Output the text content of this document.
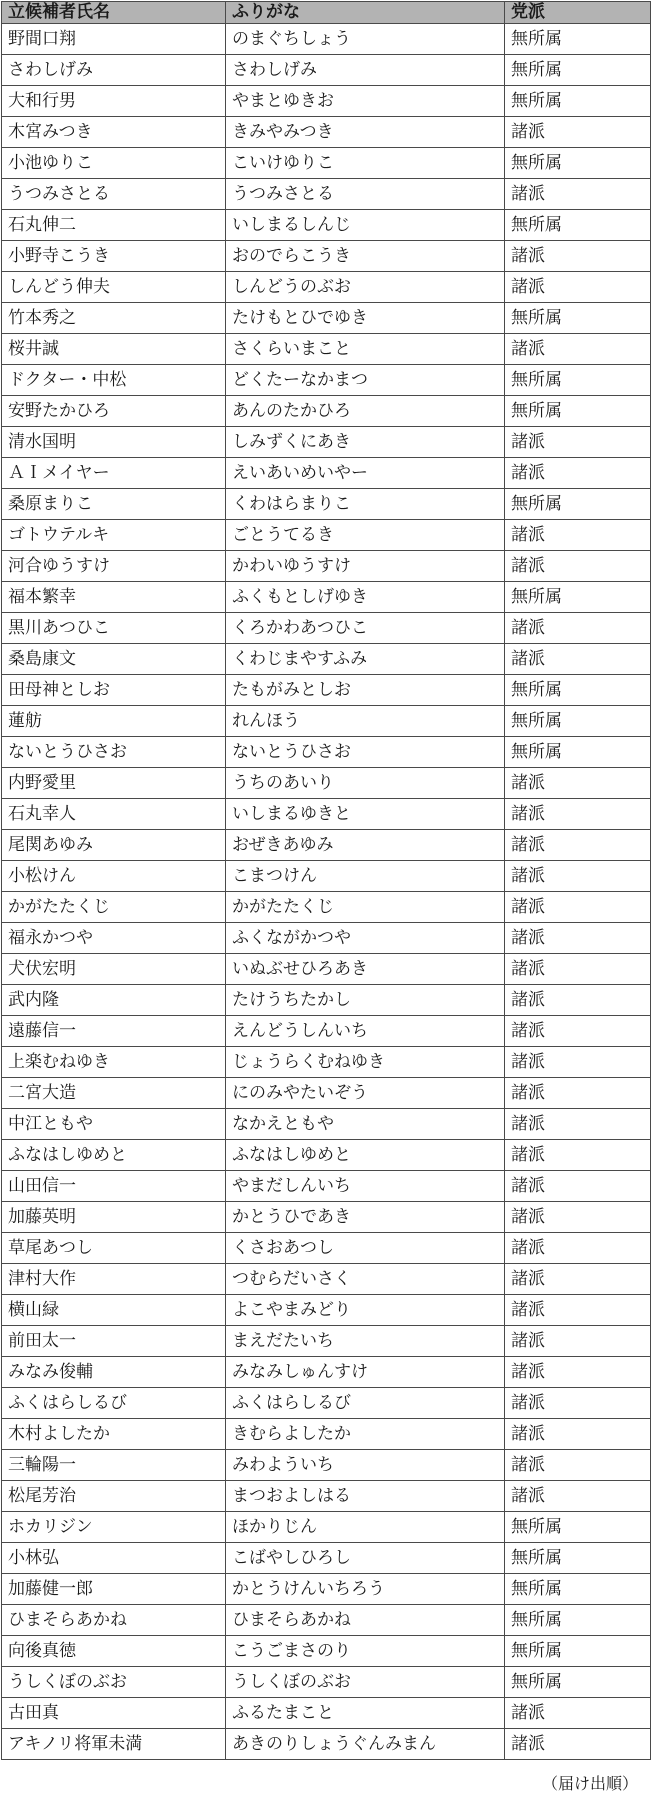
立候補者氏名	ふりがな	党派
野間口翔	のまぐちしょう	無所属
さわしげみ	さわしげみ	無所属
大和行男	やまとゆきお	無所属
木宮みつき	きみやみつき	諸派
小池ゆりこ	こいけゆりこ	無所属
うつみさとる	うつみさとる	諸派
石丸伸二	いしまるしんじ	無所属
小野寺こうき	おのでらこうき	諸派
しんどう伸夫	しんどうのぶお	諸派
竹本秀之	たけもとひでゆき	無所属
桜井誠	さくらいまこと	諸派
ドクター・中松	どくたーなかまつ	無所属
安野たかひろ	あんのたかひろ	無所属
清水国明	しみずくにあき	諸派
ＡＩメイヤー	えいあいめいやー	諸派
桑原まりこ	くわはらまりこ	無所属
ゴトウテルキ	ごとうてるき	諸派
河合ゆうすけ	かわいゆうすけ	諸派
福本繁幸	ふくもとしげゆき	無所属
黒川あつひこ	くろかわあつひこ	諸派
桑島康文	くわじまやすふみ	諸派
田母神としお	たもがみとしお	無所属
蓮舫	れんほう	無所属
ないとうひさお	ないとうひさお	無所属
内野愛里	うちのあいり	諸派
石丸幸人	いしまるゆきと	諸派
尾関あゆみ	おぜきあゆみ	諸派
小松けん	こまつけん	諸派
かがたたくじ	かがたたくじ	諸派
福永かつや	ふくながかつや	諸派
犬伏宏明	いぬぶせひろあき	諸派
武内隆	たけうちたかし	諸派
遠藤信一	えんどうしんいち	諸派
上楽むねゆき	じょうらくむねゆき	諸派
二宮大造	にのみやたいぞう	諸派
中江ともや	なかえともや	諸派
ふなはしゆめと	ふなはしゆめと	諸派
山田信一	やまだしんいち	諸派
加藤英明	かとうひであき	諸派
草尾あつし	くさおあつし	諸派
津村大作	つむらだいさく	諸派
横山緑	よこやまみどり	諸派
前田太一	まえだたいち	諸派
みなみ俊輔	みなみしゅんすけ	諸派
ふくはらしるび	ふくはらしるび	諸派
木村よしたか	きむらよしたか	諸派
三輪陽一	みわよういち	諸派
松尾芳治	まつおよしはる	諸派
ホカリジン	ほかりじん	無所属
小林弘	こばやしひろし	無所属
加藤健一郎	かとうけんいちろう	無所属
ひまそらあかね	ひまそらあかね	無所属
向後真徳	こうごまさのり	無所属
うしくぼのぶお	うしくぼのぶお	無所属
古田真	ふるたまこと	諸派
アキノリ将軍未満	あきのりしょうぐんみまん	諸派
（届け出順）
